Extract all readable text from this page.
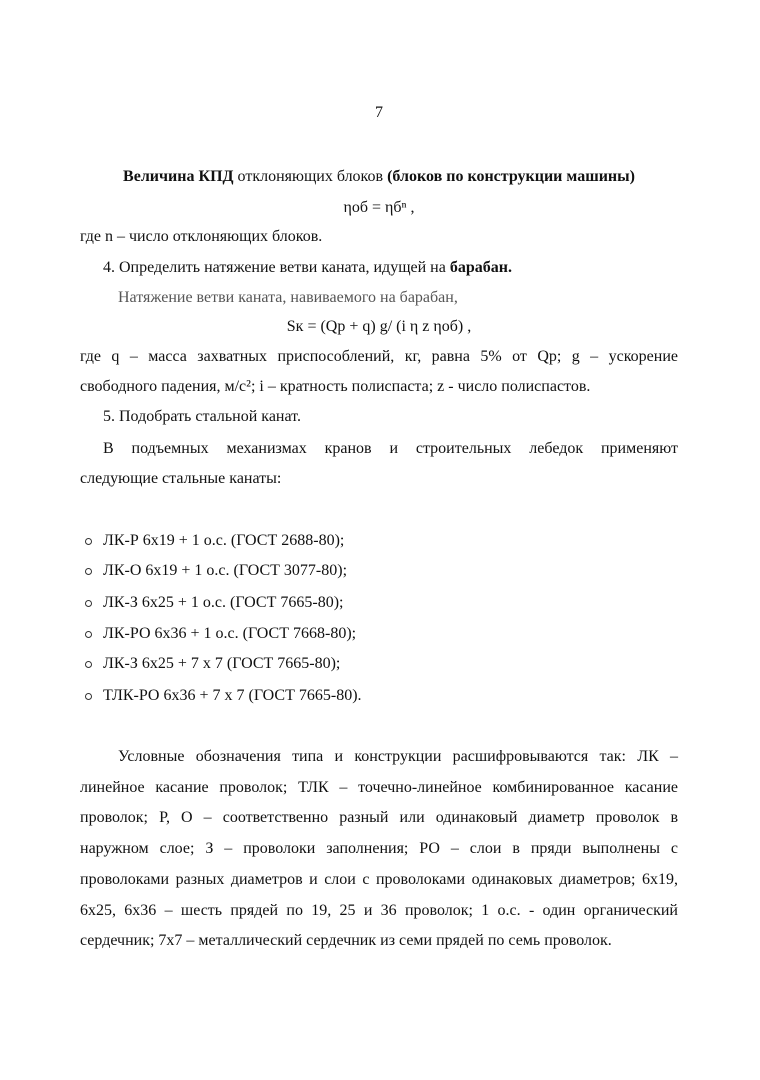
7
Величина КПД отклоняющих блоков (блоков по конструкции машины)
ηоб = ηбⁿ ,
где n – число отклоняющих блоков.
4. Определить натяжение ветви каната, идущей на барабан.
Натяжение ветви каната, навиваемого на барабан,
Sк = (Qр + q) g/ (i η z ηоб) ,
где q – масса захватных приспособлений, кг, равна 5% от Qр; g – ускорение
свободного падения, м/с²; i – кратность полиспаста; z - число полиспастов.
5. Подобрать стальной канат.
В подъемных механизмах кранов и строительных лебедок применяют
следующие стальные канаты:
ЛК-Р 6х19 + 1 о.с. (ГОСТ 2688-80);
ЛК-О 6х19 + 1 о.с. (ГОСТ 3077-80);
ЛК-З 6х25 + 1 о.с. (ГОСТ 7665-80);
ЛК-РО 6х36 + 1 о.с. (ГОСТ 7668-80);
ЛК-З 6х25 + 7 х 7 (ГОСТ 7665-80);
ТЛК-РО 6х36 + 7 х 7 (ГОСТ 7665-80).
Условные обозначения типа и конструкции расшифровываются так: ЛК – линейное касание проволок; ТЛК – точечно-линейное комбинированное касание проволок; Р, О – соответственно разный или одинаковый диаметр проволок в наружном слое; З – проволоки заполнения; РО – слои в пряди выполнены с проволоками разных диаметров и слои с проволоками одинаковых диаметров; 6х19, 6х25, 6х36 – шесть прядей по 19, 25 и 36 проволок; 1 о.с. - один органический сердечник; 7х7 – металлический сердечник из семи прядей по семь проволок.
